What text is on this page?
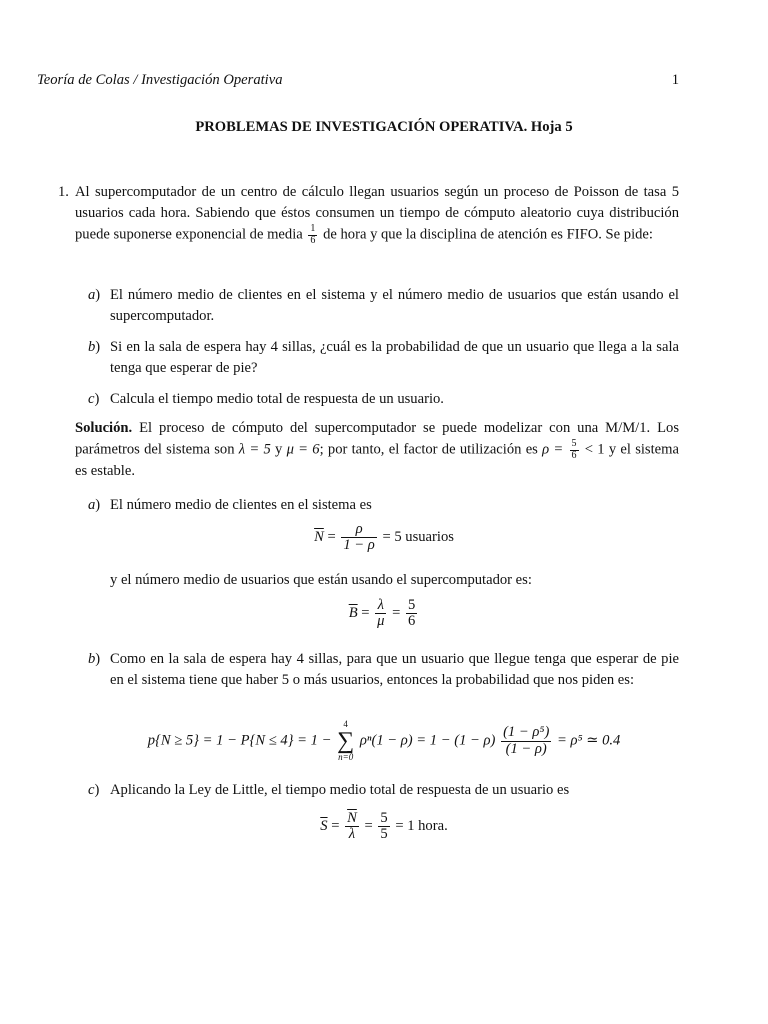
Teoría de Colas / Investigación Operativa	1
PROBLEMAS DE INVESTIGACIÓN OPERATIVA. Hoja 5
1. Al supercomputador de un centro de cálculo llegan usuarios según un proceso de Poisson de tasa 5 usuarios cada hora. Sabiendo que éstos consumen un tiempo de cómputo aleatorio cuya distribución puede suponerse exponencial de media $\frac{1}{6}$ de hora y que la disciplina de atención es FIFO. Se pide:
a) El número medio de clientes en el sistema y el número medio de usuarios que están usando el supercomputador.
b) Si en la sala de espera hay 4 sillas, ¿cuál es la probabilidad de que un usuario que llega a la sala tenga que esperar de pie?
c) Calcula el tiempo medio total de respuesta de un usuario.
Solución. El proceso de cómputo del supercomputador se puede modelizar con una M/M/1. Los parámetros del sistema son λ = 5 y μ = 6; por tanto, el factor de utilización es $\rho = \frac{5}{6} < 1$ y el sistema es estable.
a) El número medio de clientes en el sistema es
$\overline{N} = \frac{\rho}{1 - \rho} = 5$ usuarios
y el número medio de usuarios que están usando el supercomputador es:
$\overline{B} = \frac{\lambda}{\mu} = \frac{5}{6}$
b) Como en la sala de espera hay 4 sillas, para que un usuario que llegue tenga que esperar de pie en el sistema tiene que haber 5 o más usuarios, entonces la probabilidad que nos piden es:
p{N ≥ 5} = 1 − P{N ≤ 4} = 1 −
4
∑
n=0
$\rho^n(1 - \rho) = 1 - (1 - \rho) \frac{\text{(1 − ρ⁵)}}{(1 - \rho)} = \rho^5$ ≃ 0.4
c) Aplicando la Ley de Little, el tiempo medio total de respuesta de un usuario es
$\overline{S} = \frac{\overline{N}}{\lambda} = \frac{5}{5} = 1$ hora.
